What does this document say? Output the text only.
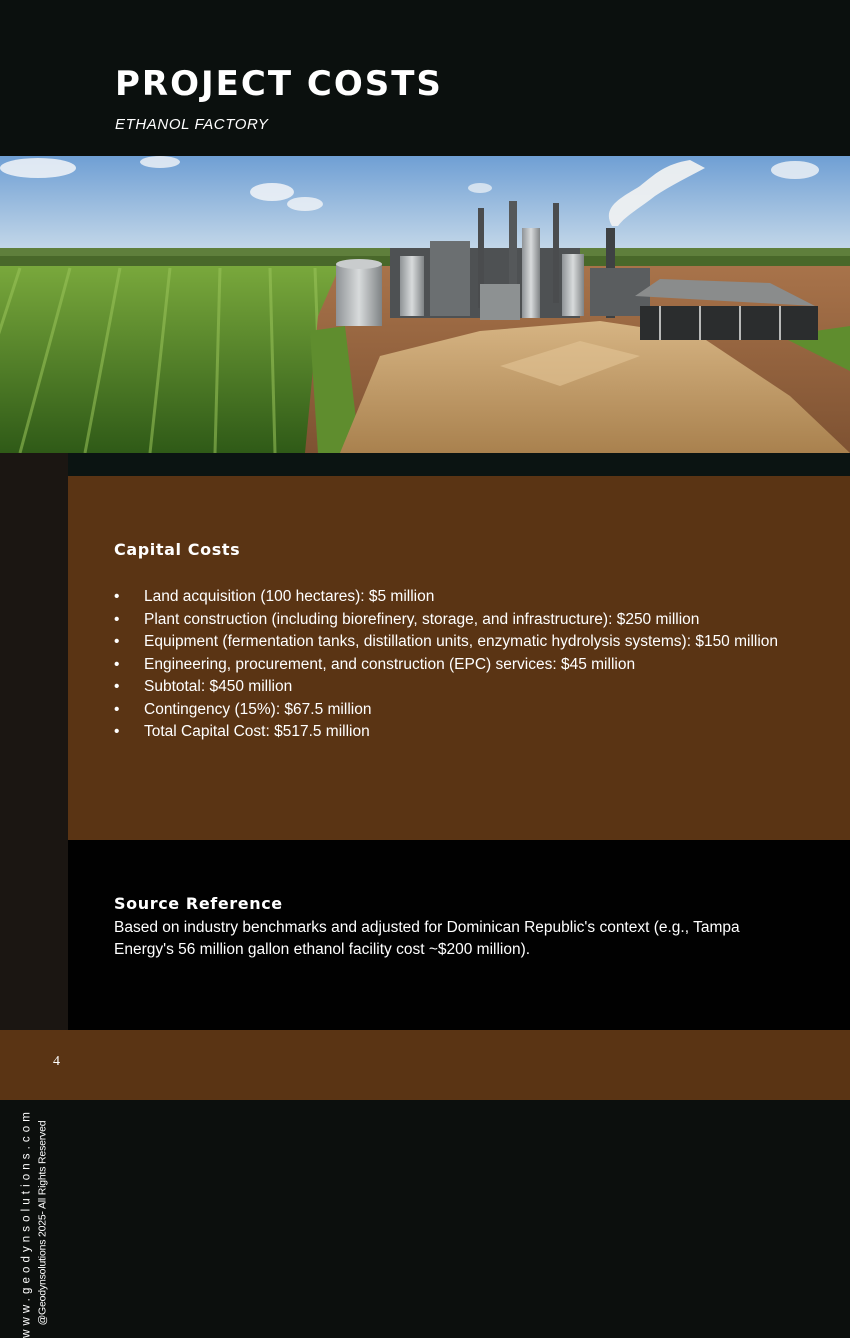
PROJECT COSTS
ETHANOL FACTORY
www.geodynsolutions.com @Geodynsolutions 2025- All Rights Reserved
Capital Costs
• Land acquisition (100 hectares): $5 million
• Plant construction (including biorefinery, storage, and infrastructure): $250 million
• Equipment (fermentation tanks, distillation units, enzymatic hydrolysis systems): $150 million
• Engineering, procurement, and construction (EPC) services: $45 million
• Subtotal: $450 million
• Contingency (15%): $67.5 million
• Total Capital Cost: $517.5 million
Source Reference

Based on industry benchmarks and adjusted for Dominican Republic's context (e.g., Tampa Energy's 56 million gallon ethanol facility cost ~$200 million).

4
